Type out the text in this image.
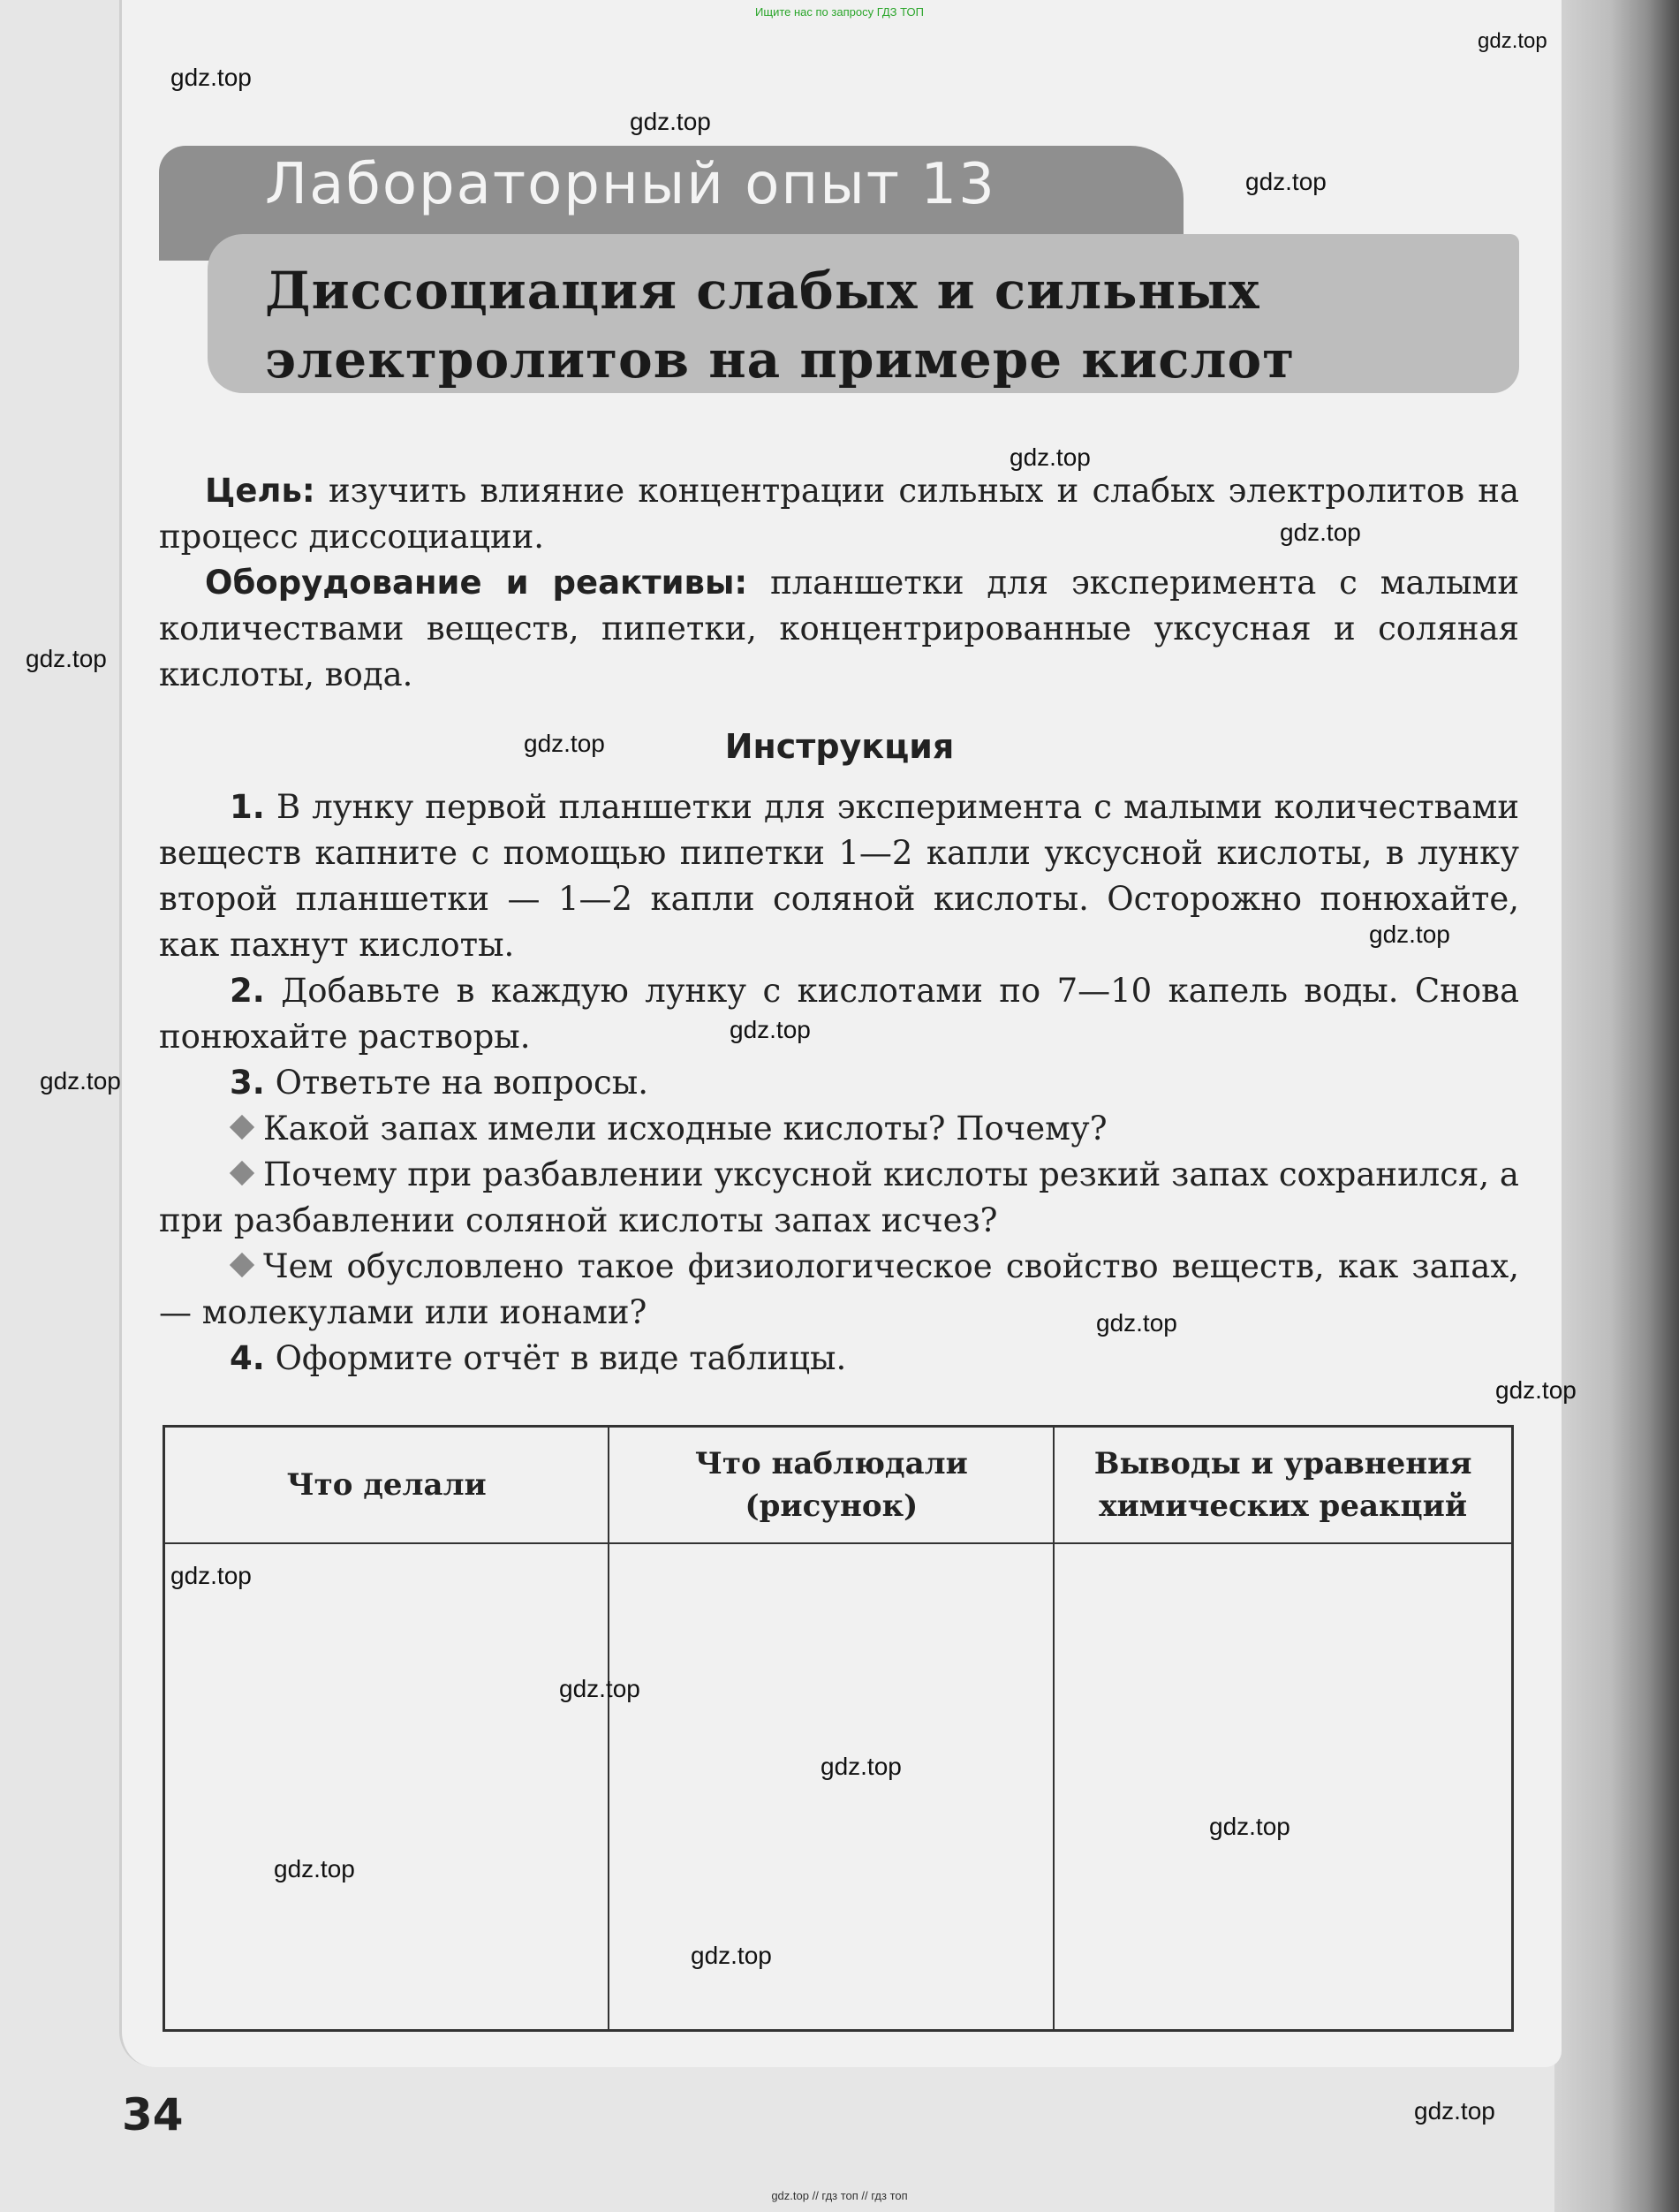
Ищите нас по запросу ГДЗ ТОП
Лабораторный опыт 13
Диссоциация слабых и сильных
электролитов на примере кислот
Цель: изучить влияние концентрации сильных и слабых электролитов на процесс диссоциации.
Оборудование и реактивы: планшетки для эксперимента с малыми количествами веществ, пипетки, концентрированные уксусная и соляная кислоты, вода.
Инструкция
1. В лунку первой планшетки для эксперимента с малыми количествами веществ капните с помощью пипетки 1—2 капли уксусной кислоты, в лунку второй планшетки — 1—2 капли соляной кислоты. Осторожно понюхайте, как пахнут кислоты.
2. Добавьте в каждую лунку с кислотами по 7—10 капель воды. Снова понюхайте растворы.
3. Ответьте на вопросы.
Какой запах имели исходные кислоты? Почему?
Почему при разбавлении уксусной кислоты резкий запах сохранился, а при разбавлении соляной кислоты запах исчез?
Чем обусловлено такое физиологическое свойство веществ, как запах, — молекулами или ионами?
4. Оформите отчёт в виде таблицы.
Что делали	Что наблюдали (рисунок)	Выводы и уравнения химических реакций

34
gdz.top
gdz.top
gdz.top
gdz.top
gdz.top
gdz.top
gdz.top
gdz.top
gdz.top
gdz.top
gdz.top
gdz.top
gdz.top
gdz.top
gdz.top
gdz.top
gdz.top
gdz.top
gdz.top
gdz.top
gdz.top // гдз топ // гдз топ
